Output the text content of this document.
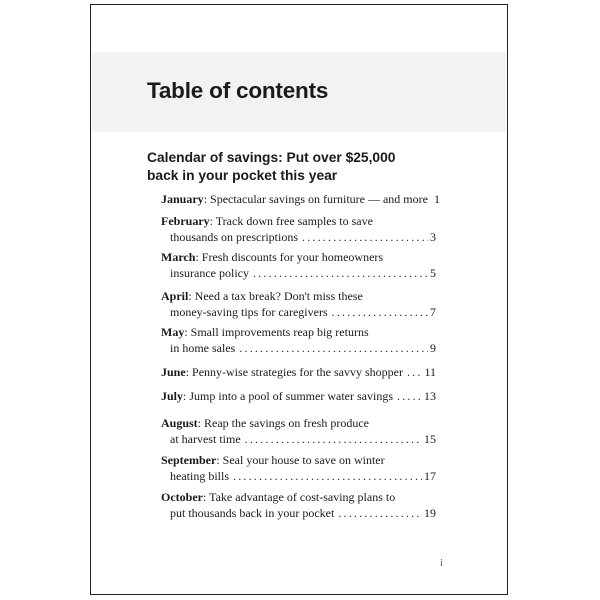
Table of contents
Calendar of savings: Put over $25,000 back in your pocket this year
January: Spectacular savings on furniture — and more 1
February: Track down free samples to save
thousands on prescriptions . . .	3
March: Fresh discounts for your homeowners
insurance policy . . .	5
April: Need a tax break? Don't miss these
money-saving tips for caregivers . . .	7
May: Small improvements reap big returns
in home sales . . .	9
June: Penny-wise strategies for the savvy shopper . . . 11
July: Jump into a pool of summer water savings . . .	13
August: Reap the savings on fresh produce
at harvest time . . .	15
September: Seal your house to save on winter
heating bills . . .	17
October: Take advantage of cost-saving plans to
put thousands back in your pocket . . .	19
i
